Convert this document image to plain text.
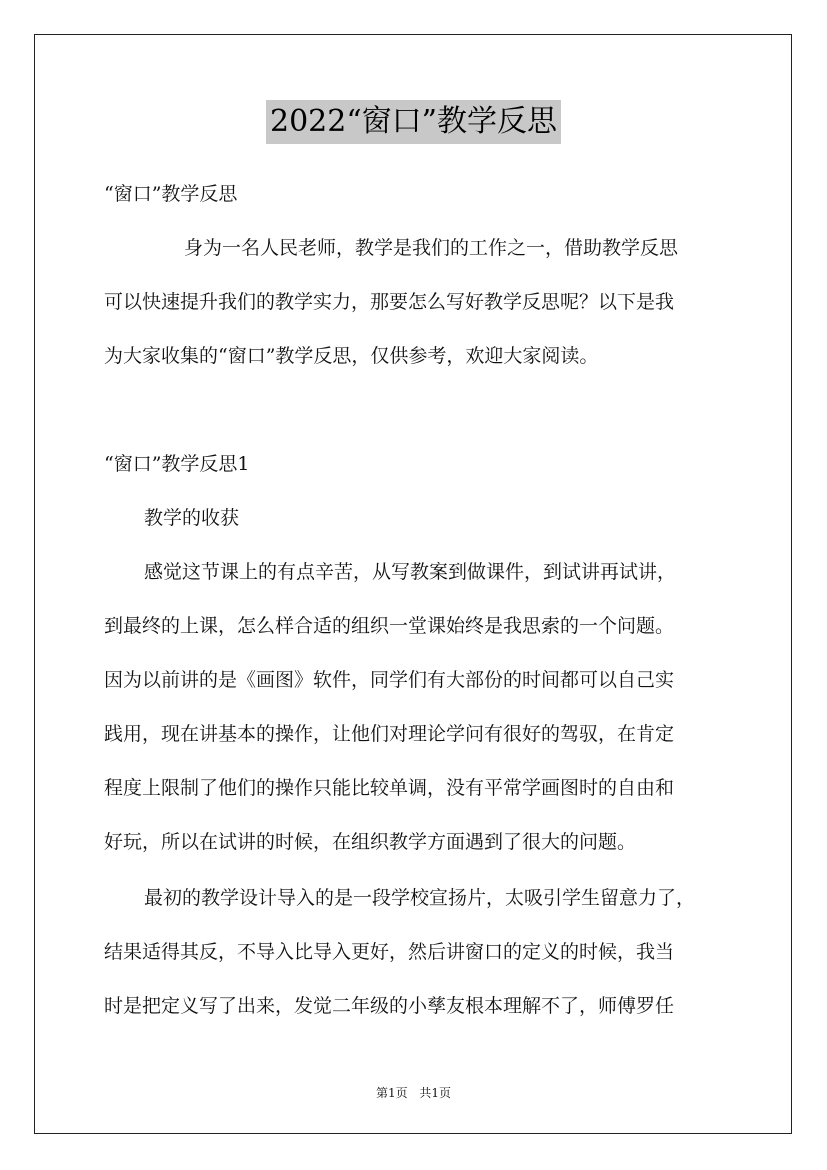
2022“窗口”教学反思
“窗口”教学反思
身为一名人民老师，教学是我们的工作之一，借助教学反思
可以快速提升我们的教学实力，那要怎么写好教学反思呢？以下是我
为大家收集的“窗口”教学反思，仅供参考，欢迎大家阅读。
“窗口”教学反思1
教学的收获
感觉这节课上的有点辛苦，从写教案到做课件，到试讲再试讲，
到最终的上课，怎么样合适的组织一堂课始终是我思索的一个问题。
因为以前讲的是《画图》软件，同学们有大部份的时间都可以自己实
践用，现在讲基本的操作，让他们对理论学问有很好的驾驭，在肯定
程度上限制了他们的操作只能比较单调，没有平常学画图时的自由和
好玩，所以在试讲的时候，在组织教学方面遇到了很大的问题。
最初的教学设计导入的是一段学校宣扬片，太吸引学生留意力了，
结果适得其反，不导入比导入更好，然后讲窗口的定义的时候，我当
时是把定义写了出来，发觉二年级的小孳友根本理解不了，师傅罗任
第1页 共1页
